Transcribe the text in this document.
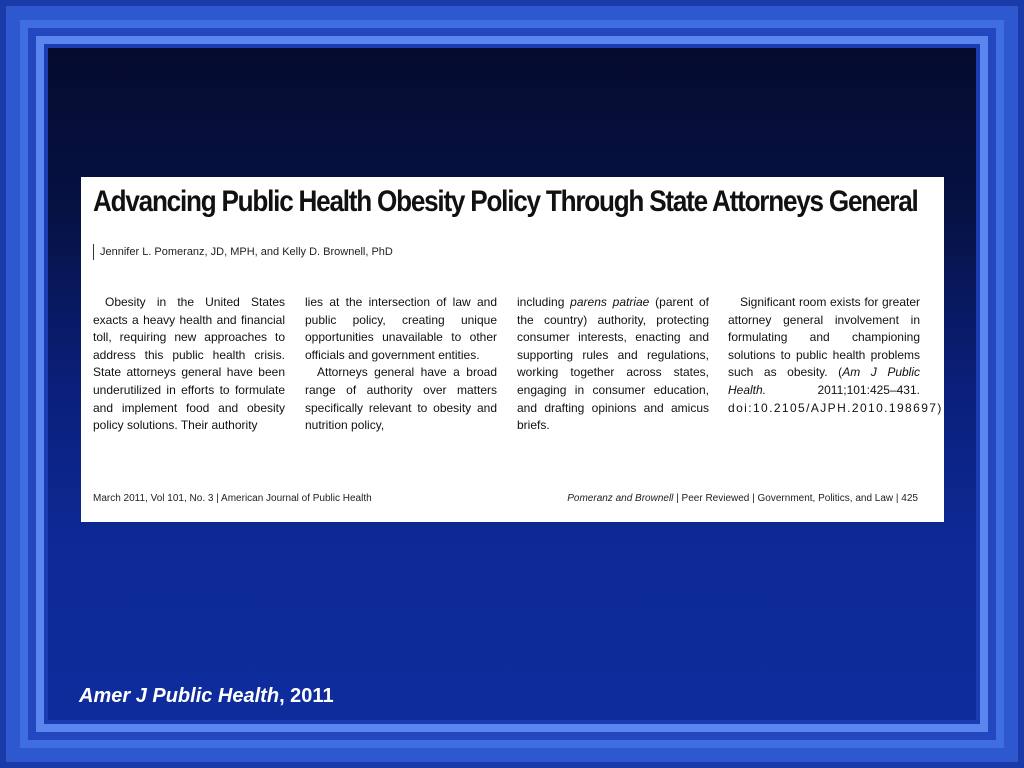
Advancing Public Health Obesity Policy Through State Attorneys General
Jennifer L. Pomeranz, JD, MPH, and Kelly D. Brownell, PhD

Obesity in the United States exacts a heavy health and financial toll, requiring new approaches to address this public health crisis. State attorneys general have been underutilized in efforts to formulate and implement food and obesity policy solutions. Their authority

lies at the intersection of law and public policy, creating unique opportunities unavailable to other officials and government entities.

Attorneys general have a broad range of authority over matters specifically relevant to obesity and nutrition policy,

including parens patriae (parent of the country) authority, protecting consumer interests, enacting and supporting rules and regulations, working together across states, engaging in consumer education, and drafting opinions and amicus briefs.

Significant room exists for greater attorney general involvement in formulating and championing solutions to public health problems such as obesity. (Am J Public Health. 2011;101:425–431. doi:10.2105/AJPH.2010.198697)

March 2011, Vol 101, No. 3 | American Journal of Public Health	Pomeranz and Brownell | Peer Reviewed | Government, Politics, and Law | 425
Amer J Public Health, 2011
